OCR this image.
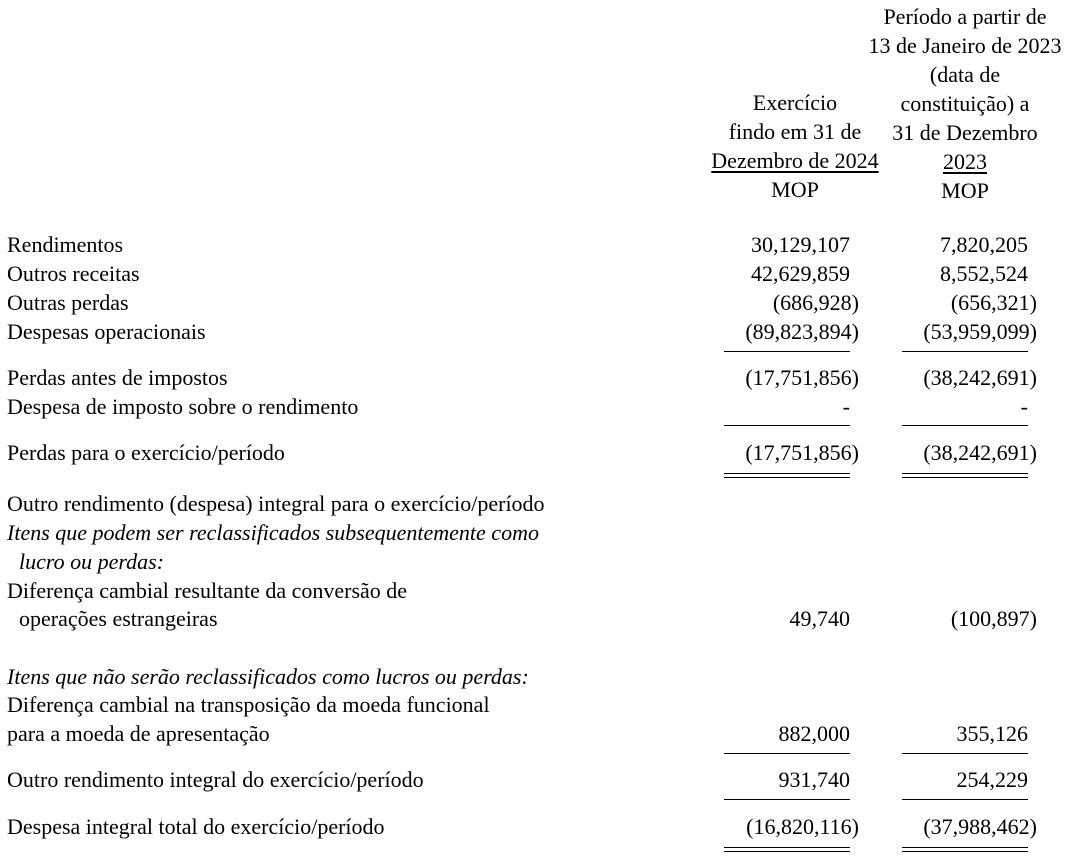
Exercício
findo em 31 de
Dezembro de 2024
MOP
Período a partir de
13 de Janeiro de 2023
(data de
constituição) a
31 de Dezembro
2023
MOP
Rendimentos	30,129,107	7,820,205
Outros receitas	42,629,859	8,552,524
Outras perdas	(686,928)	(656,321)
Despesas operacionais	(89,823,894)	(53,959,099)
Perdas antes de impostos	(17,751,856)	(38,242,691)
Despesa de imposto sobre o rendimento	-	-
Perdas para o exercício/período	(17,751,856)	(38,242,691)
Outro rendimento (despesa) integral para o exercício/período
Itens que podem ser reclassificados subsequentemente como
lucro ou perdas:
Diferença cambial resultante da conversão de
operações estrangeiras	49,740	(100,897)
Itens que não serão reclassificados como lucros ou perdas:
Diferença cambial na transposição da moeda funcional
para a moeda de apresentação	882,000	355,126
Outro rendimento integral do exercício/período	931,740	254,229
Despesa integral total do exercício/período	(16,820,116)	(37,988,462)
